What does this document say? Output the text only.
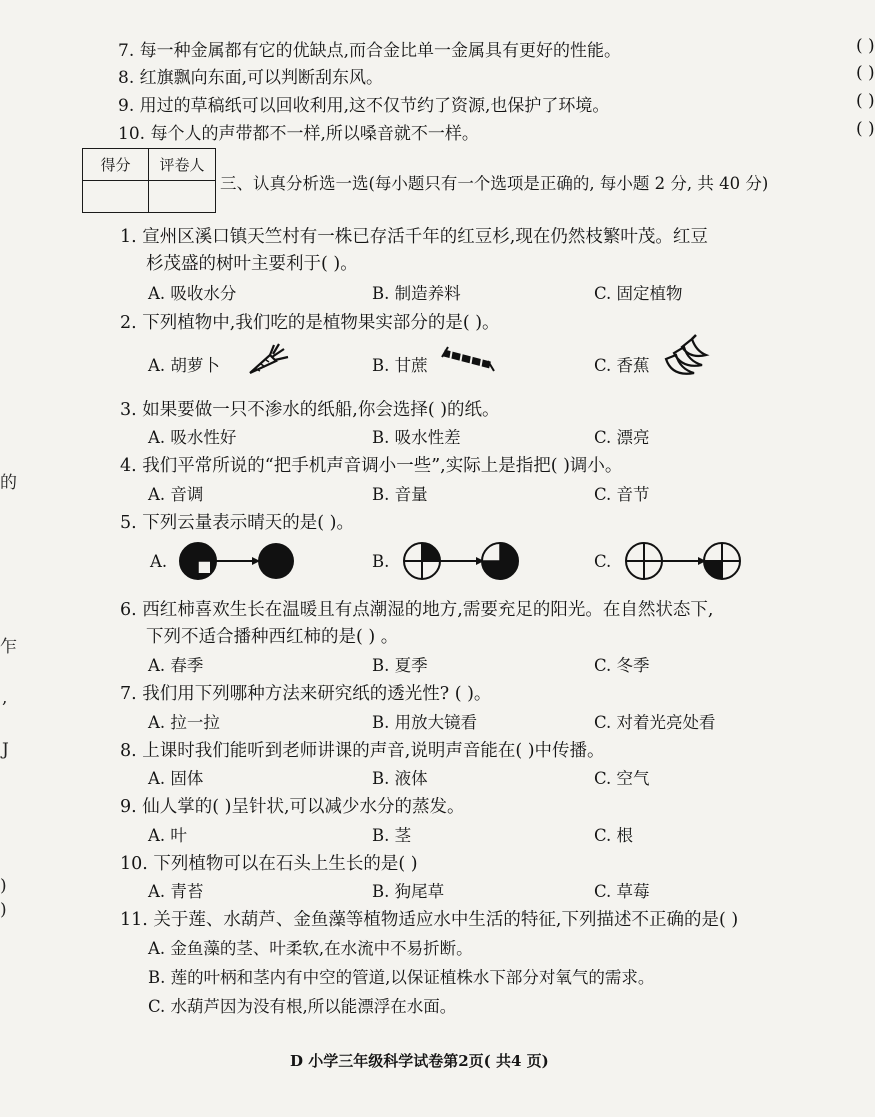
的
乍
,
J
)
)
7. 每一种金属都有它的优缺点,而合金比单一金属具有更好的性能。	( )
8. 红旗飘向东面,可以判断刮东风。	( )
9. 用过的草稿纸可以回收利用,这不仅节约了资源,也保护了环境。	( )
10. 每个人的声带都不一样,所以嗓音就不一样。	( )
得分	评卷人
三、认真分析选一选(每小题只有一个选项是正确的, 每小题 2 分, 共 40 分)
1. 宣州区溪口镇天竺村有一株已存活千年的红豆杉,现在仍然枝繁叶茂。红豆
杉茂盛的树叶主要利于( )。
A. 吸收水分	B. 制造养料	C. 固定植物
2. 下列植物中,我们吃的是植物果实部分的是( )。
A. 胡萝卜	B. 甘蔗	C. 香蕉
3. 如果要做一只不渗水的纸船,你会选择( )的纸。
A. 吸水性好	B. 吸水性差	C. 漂亮
4. 我们平常所说的“把手机声音调小一些”,实际上是指把( )调小。
A. 音调	B. 音量	C. 音节
5. 下列云量表示晴天的是( )。
A.	B.	C.
6. 西红柿喜欢生长在温暖且有点潮湿的地方,需要充足的阳光。在自然状态下,
下列不适合播种西红柿的是( ) 。
A. 春季	B. 夏季	C. 冬季
7. 我们用下列哪种方法来研究纸的透光性? ( )。
A. 拉一拉	B. 用放大镜看	C. 对着光亮处看
8. 上课时我们能听到老师讲课的声音,说明声音能在( )中传播。
A. 固体	B. 液体	C. 空气
9. 仙人掌的( )呈针状,可以减少水分的蒸发。
A. 叶	B. 茎	C. 根
10. 下列植物可以在石头上生长的是( )
A. 青苔	B. 狗尾草	C. 草莓
11. 关于莲、水葫芦、金鱼藻等植物适应水中生活的特征,下列描述不正确的是( )
A. 金鱼藻的茎、叶柔软,在水流中不易折断。
B. 莲的叶柄和茎内有中空的管道,以保证植株水下部分对氧气的需求。
C. 水葫芦因为没有根,所以能漂浮在水面。
D 小学三年级科学试卷第2页( 共4 页)
